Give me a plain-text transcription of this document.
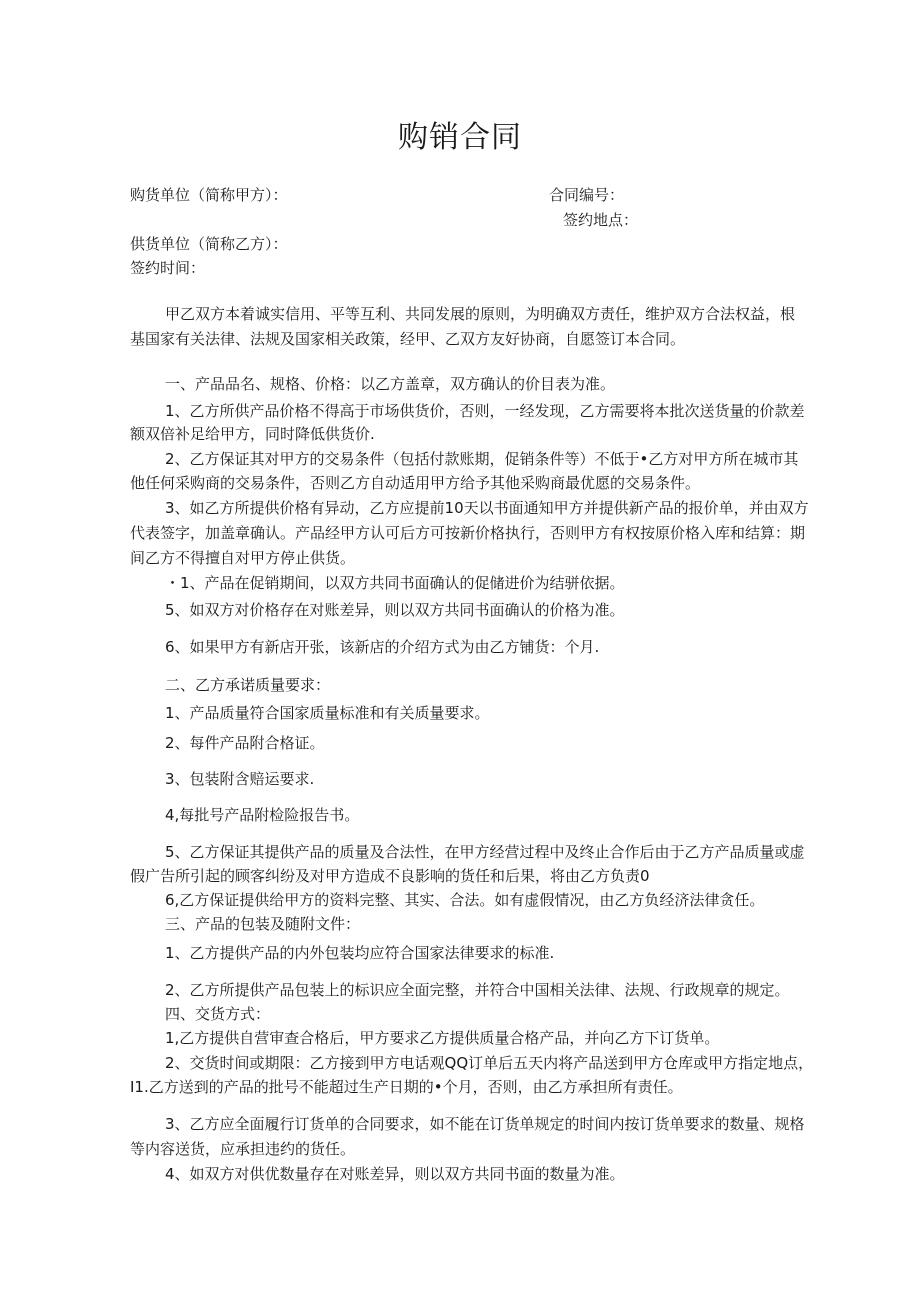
购销合同
购货单位（简称甲方）：	合同编号：
签约地点：
供货单位（简称乙方）：
签约时间：
甲乙双方本着诚实信用、平等互利、共同发展的原则，为明确双方责任，维护双方合法权益，根
基国家有关法律、法规及国家相关政策，经甲、乙双方友好协商，自愿签订本合同。
一、产品品名、规格、价格：以乙方盖章，双方确认的价目表为准。
1、乙方所供产品价格不得高于市场供货价，否则，一经发现，乙方需要将本批次送货量的价款差
额双倍补足给甲方，同时降低供货价.
2、乙方保证其对甲方的交易条件（包括付款账期，促销条件等）不低于•乙方对甲方所在城市其
他任何采购商的交易条件，否则乙方自动适用甲方给予其他采购商最优愿的交易条件。
3、如乙方所提供价格有异动，乙方应提前10天以书面通知甲方并提供新产品的报价单，并由双方
代表签字，加盖章确认。产品经甲方认可后方可按新价格执行，否则甲方有权按原价格入库和结算：期
间乙方不得擅自对甲方停止供货。
・1、产品在促销期间，以双方共同书面确认的促储进价为结骈依据。
5、如双方对价格存在对账差异，则以双方共同书面确认的价格为准。
6、如果甲方有新店开张，该新店的介绍方式为由乙方铺货：个月.
二、乙方承诺质量要求：
1、产品质量符合国家质量标准和有关质量要求。
2、每件产品附合格证。
3、包装附含赔运要求.
4,每批号产品附检险报告书。
5、乙方保证其提供产品的质量及合法性，在甲方经营过程中及终止合作后由于乙方产品质量或虚
假广告所引起的顾客纠纷及对甲方造成不良影响的货任和后果，将由乙方负责0
6,乙方保证提供给甲方的资料完整、其实、合法。如有虚假情况，由乙方负经济法律贪任。
三、产品的包装及随附文件：
1、乙方提供产品的内外包装均应符合国家法律要求的标准.
2、乙方所提供产品包装上的标识应全面完整，并符合中国相关法律、法规、行政规章的规定。
四、交货方式：
1,乙方提供自营审查合格后，甲方要求乙方提供质量合格产品，并向乙方下订货单。
2、交货时间或期限：乙方接到甲方电话观QQ订单后五天内将产品送到甲方仓库或甲方指定地点，
I1.乙方送到的产品的批号不能超过生产日期的•个月，否则，由乙方承担所有责任。
3、乙方应全面履行订货单的合同要求，如不能在订货单规定的时间内按订货单要求的数量、规格
等内容送货，应承担违约的货任。
4、如双方对供优数量存在对账差异，则以双方共同书面的数量为准。
